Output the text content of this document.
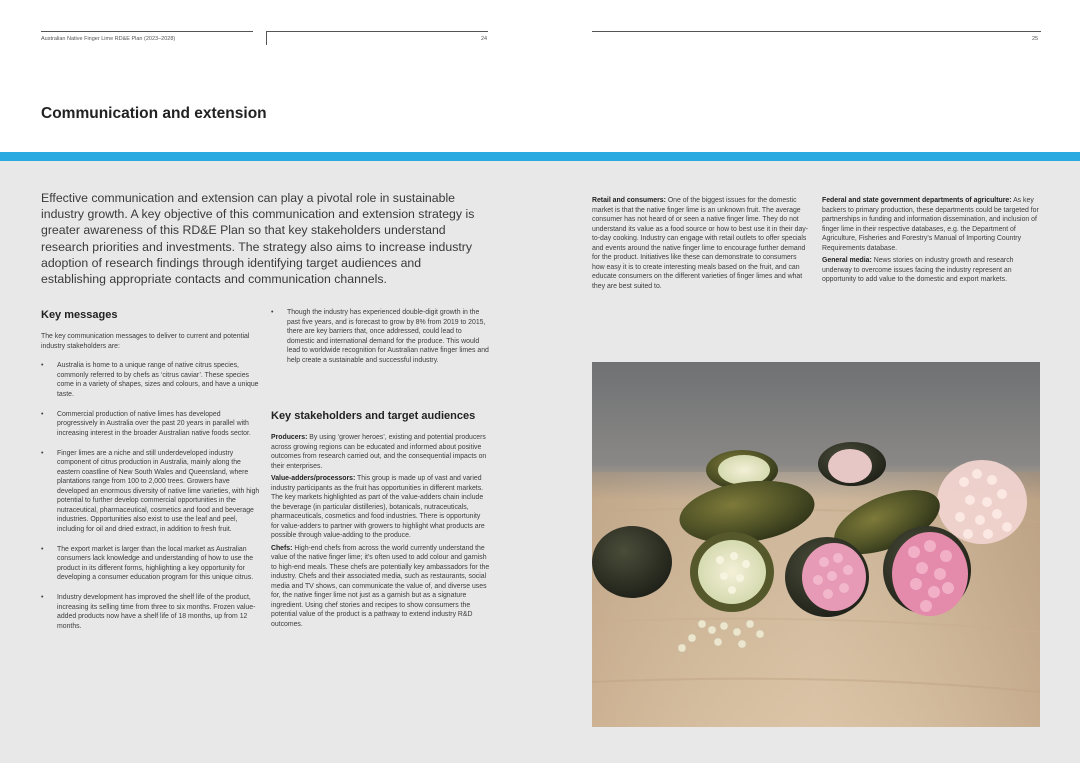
Australian Native Finger Lime RD&E Plan (2023–2028)	24	25
Communication and extension

Effective communication and extension can play a pivotal role in sustainable industry growth. A key objective of this communication and extension strategy is greater awareness of this RD&E Plan so that key stakeholders understand research priorities and investments. The strategy also aims to increase industry adoption of research findings through identifying target audiences and establishing appropriate contacts and communication channels.

Key messages

The key communication messages to deliver to current and potential industry stakeholders are:

• Australia is home to a unique range of native citrus species, commonly referred to by chefs as ‘citrus caviar’. These species come in a variety of shapes, sizes and colours, and have a unique taste.
• Commercial production of native limes has developed progressively in Australia over the past 20 years in parallel with increasing interest in the broader Australian native foods sector.
• Finger limes are a niche and still underdeveloped industry component of citrus production in Australia, mainly along the eastern coastline of New South Wales and Queensland, where plantations range from 100 to 2,000 trees. Growers have developed an enormous diversity of native lime varieties, with high potential to further develop commercial opportunities in the nutraceutical, pharmaceutical, cosmetics and food and beverage industries. Opportunities also exist to use the leaf and peel, including for oil and dried extract, in addition to fresh fruit.
• The export market is larger than the local market as Australian consumers lack knowledge and understanding of how to use the product in its different forms, highlighting a key opportunity for developing a consumer education program for this unique citrus.
• Industry development has improved the shelf life of the product, increasing its selling time from three to six months. Frozen value-added products now have a shelf life of 18 months, up from 12 months.
• Though the industry has experienced double-digit growth in the past five years, and is forecast to grow by 8% from 2019 to 2015, there are key barriers that, once addressed, could lead to domestic and international demand for the produce. This would lead to worldwide recognition for Australian native finger limes and help create a sustainable and successful industry.
Key stakeholders and target audiences

Producers: By using ‘grower heroes’, existing and potential producers across growing regions can be educated and informed about positive outcomes from research carried out, and the consequential impacts on their enterprises.

Value-adders/processors: This group is made up of vast and varied industry participants as the fruit has opportunities in different markets. The key markets highlighted as part of the value-adders chain include the beverage (in particular distilleries), botanicals, nutraceuticals, pharmaceuticals, cosmetics and food industries. There is opportunity for value-adders to partner with growers to highlight what products are possible through value-adding to the produce.

Chefs: High-end chefs from across the world currently understand the value of the native finger lime; it’s often used to add colour and garnish to high-end meals. These chefs are potentially key ambassadors for the industry. Chefs and their associated media, such as restaurants, social media and TV shows, can communicate the value of, and diverse uses for, the native finger lime not just as a garnish but as a signature ingredient. Using chef stories and recipes to show consumers the potential value of the product is a pathway to extend industry R&D outcomes.

Retail and consumers: One of the biggest issues for the domestic market is that the native finger lime is an unknown fruit. The average consumer has not heard of or seen a native finger lime. They do not understand its value as a food source or how to best use it in their day-to-day cooking. Industry can engage with retail outlets to offer specials and events around the native finger lime to encourage further demand for the product. Initiatives like these can demonstrate to consumers how easy it is to create interesting meals based on the fruit, and can educate consumers on the different varieties of finger limes and what they are best suited to.

Federal and state government departments of agriculture: As key backers to primary production, these departments could be targeted for partnerships in funding and information dissemination, and inclusion of finger lime in their respective databases, e.g. the Department of Agriculture, Fisheries and Forestry’s Manual of Importing Country Requirements database.

General media: News stories on industry growth and research underway to overcome issues facing the industry represent an opportunity to add value to the domestic and export markets.
